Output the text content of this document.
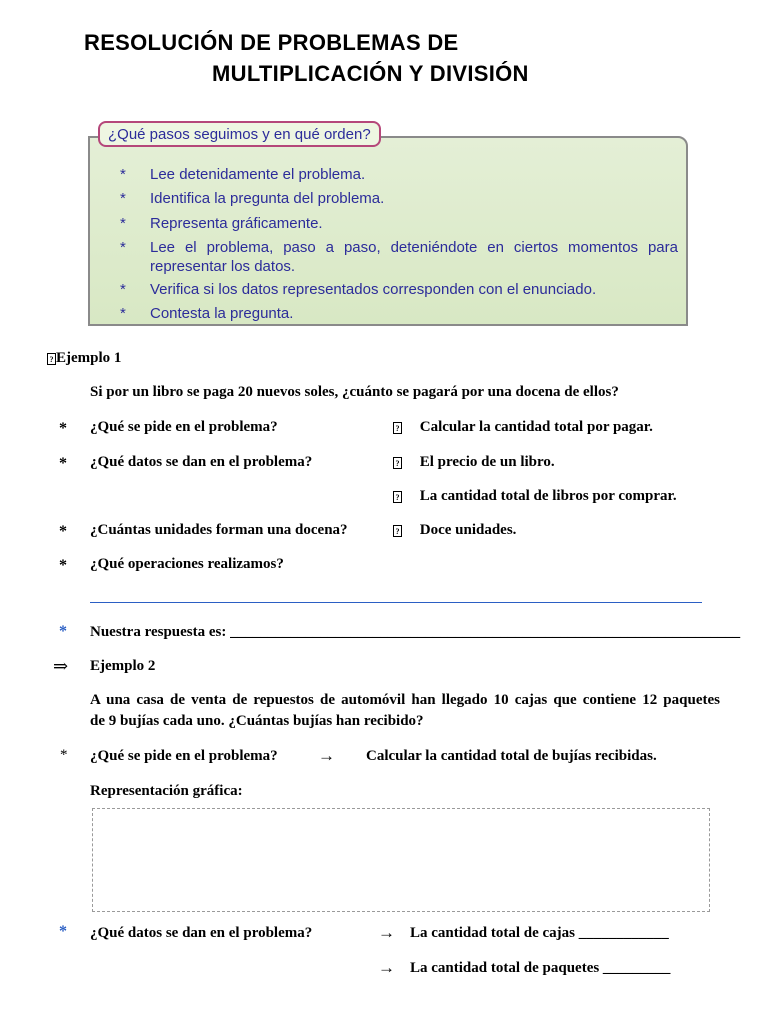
RESOLUCIÓN DE PROBLEMAS DE
MULTIPLICACIÓN Y DIVISIÓN
¿Qué pasos seguimos y en qué orden?
* Lee detenidamente el problema.
* Identifica la pregunta del problema.
* Representa gráficamente.
* Lee el problema, paso a paso, deteniéndote en ciertos momentos para representar los datos.
* Verifica si los datos representados corresponden con el enunciado.
* Contesta la pregunta.
? Ejemplo 1
Si por un libro se paga 20 nuevos soles, ¿cuánto se pagará por una docena de ellos?
* ¿Qué se pide en el problema?	? Calcular la cantidad total por pagar.
* ¿Qué datos se dan en el problema?	? El precio de un libro.
? La cantidad total de libros por comprar.
* ¿Cuántas unidades forman una docena?	? Doce unidades.
* ¿Qué operaciones realizamos?
* Nuestra respuesta es: ____________________________________________________________________
⇒ Ejemplo 2
A una casa de venta de repuestos de automóvil han llegado 10 cajas que contiene 12 paquetes
de 9 bujías cada uno. ¿Cuántas bujías han recibido?
* ¿Qué se pide en el problema? → Calcular la cantidad total de bujías recibidas.
Representación gráfica:
* ¿Qué datos se dan en el problema?	→ La cantidad total de cajas ____________
→ La cantidad total de paquetes _________
